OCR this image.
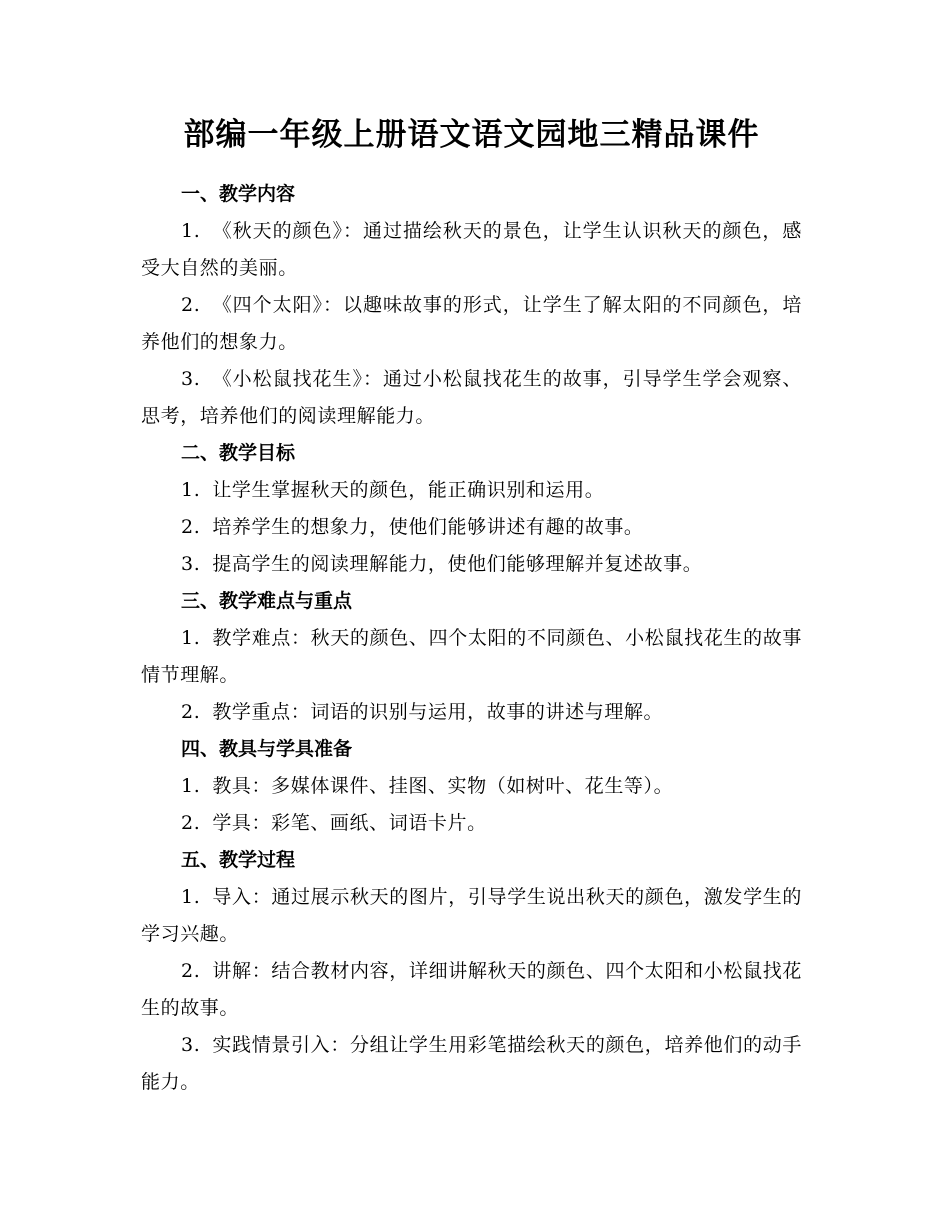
部编一年级上册语文语文园地三精品课件
一、教学内容

1. 《秋天的颜色》：通过描绘秋天的景色，让学生认识秋天的颜色，感受大自然的美丽。

2. 《四个太阳》：以趣味故事的形式，让学生了解太阳的不同颜色，培养他们的想象力。

3. 《小松鼠找花生》：通过小松鼠找花生的故事，引导学生学会观察、思考，培养他们的阅读理解能力。

二、教学目标

1. 让学生掌握秋天的颜色，能正确识别和运用。

2. 培养学生的想象力，使他们能够讲述有趣的故事。

3. 提高学生的阅读理解能力，使他们能够理解并复述故事。

三、教学难点与重点

1. 教学难点：秋天的颜色、四个太阳的不同颜色、小松鼠找花生的故事情节理解。

2. 教学重点：词语的识别与运用，故事的讲述与理解。

四、教具与学具准备

1. 教具：多媒体课件、挂图、实物（如树叶、花生等）。

2. 学具：彩笔、画纸、词语卡片。

五、教学过程

1. 导入：通过展示秋天的图片，引导学生说出秋天的颜色，激发学生的学习兴趣。

2. 讲解：结合教材内容，详细讲解秋天的颜色、四个太阳和小松鼠找花生的故事。

3. 实践情景引入：分组让学生用彩笔描绘秋天的颜色，培养他们的动手能力。
